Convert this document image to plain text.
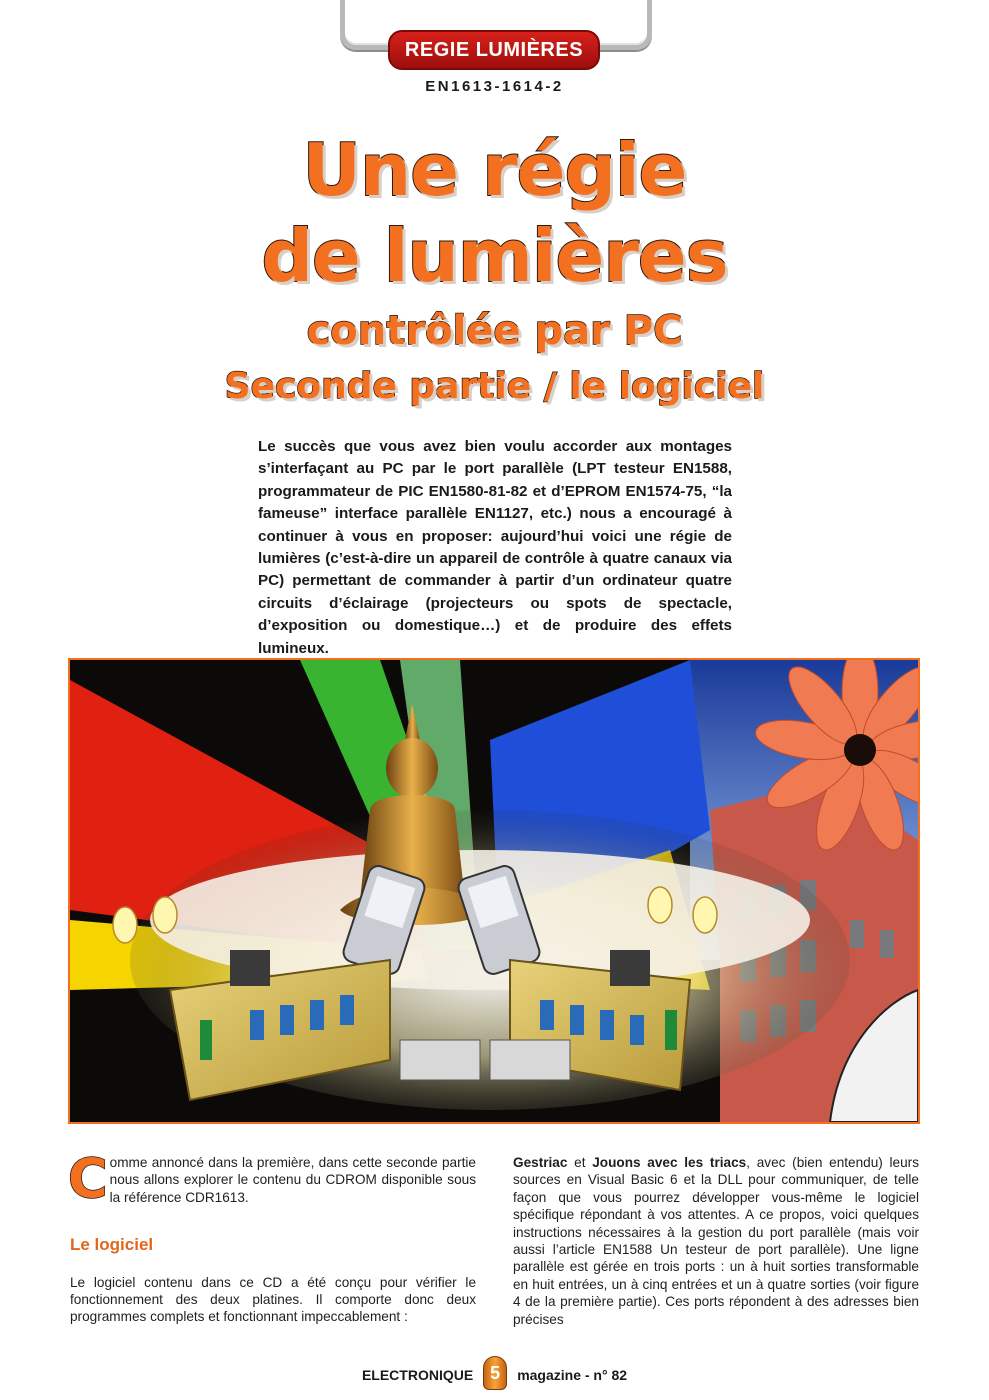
REGIE LUMIÈRES
EN1613-1614-2
Une régie
de lumières
contrôlée par PC
Seconde partie / le logiciel

Le succès que vous avez bien voulu accorder aux montages s’interfaçant au PC par le port parallèle (LPT testeur EN1588, programmateur de PIC EN1580-81-82 et d’EPROM EN1574-75, “la fameuse” interface parallèle EN1127, etc.) nous a encouragé à continuer à vous en proposer: aujourd’hui voici une régie de lumières (c’est-à-dire un appareil de contrôle à quatre canaux via PC) permettant de commander à partir d’un ordinateur quatre circuits d’éclairage (projecteurs ou spots de spectacle, d’exposition ou domestique…) et de produire des effets lumineux.

Comme annoncé dans la première, dans cette seconde partie nous allons explorer le contenu du CDROM disponible sous la référence CDR1613.

Le logiciel

Le logiciel contenu dans ce CD a été conçu pour vérifier le fonctionnement des deux platines. Il comporte donc deux programmes complets et fonctionnant impeccablement :

Gestriac et Jouons avec les triacs, avec (bien entendu) leurs sources en Visual Basic 6 et la DLL pour communiquer, de telle façon que vous pourrez développer vous-même le logiciel spécifique répondant à vos attentes. A ce propos, voici quelques instructions nécessaires à la gestion du port parallèle (mais voir aussi l’article EN1588 Un testeur de port parallèle). Une ligne parallèle est gérée en trois ports : un à huit sorties transformable en huit entrées, un à cinq entrées et un à quatre sorties (voir figure 4 de la première partie). Ces ports répondent à des adresses bien précises

ELECTRONIQUE 5	magazine - n° 82
